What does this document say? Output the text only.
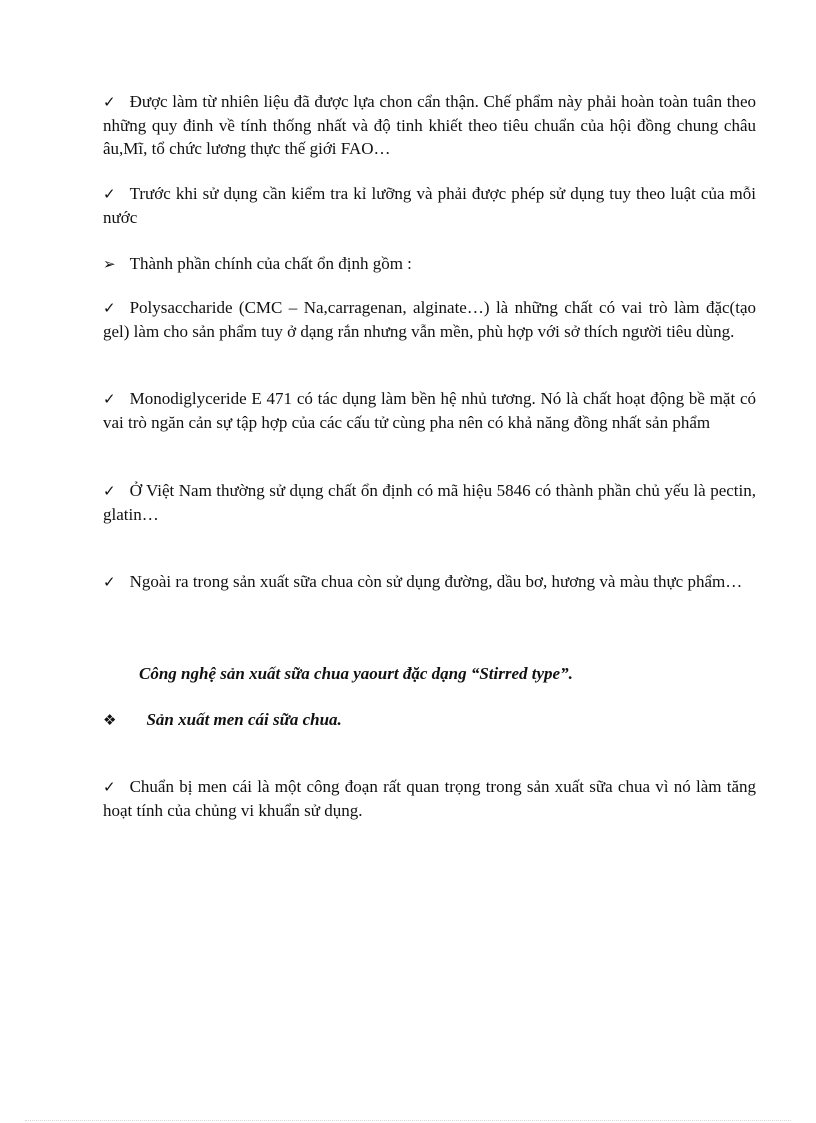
✓ Được làm từ nhiên liệu đã được lựa chon cẩn thận. Chế phẩm này phải hoàn toàn tuân theo những quy đinh về tính thống nhất và độ tinh khiết theo tiêu chuẩn của hội đồng chung châu âu,Mĩ, tổ chức lương thực thế giới FAO…

✓ Trước khi sử dụng cần kiểm tra kỉ lưỡng và phải được phép sử dụng tuy theo luật của mỗi nước

➢ Thành phần chính của chất ổn định gồm :

✓ Polysaccharide (CMC – Na,carragenan, alginate…) là những chất có vai trò làm đặc(tạo gel) làm cho sản phẩm tuy ở dạng rắn nhưng vẫn mền, phù hợp với sở thích người tiêu dùng.

✓ Monodiglyceride E 471 có tác dụng làm bền hệ nhủ tương. Nó là chất hoạt động bề mặt có vai trò ngăn cản sự tập hợp của các cấu tử cùng pha nên có khả năng đồng nhất sản phẩm

✓ Ở Việt Nam thường sử dụng chất ổn định có mã hiệu 5846 có thành phần chủ yếu là pectin, glatin…

✓ Ngoài ra trong sản xuất sữa chua còn sử dụng đường, dầu bơ, hương và màu thực phẩm…

Công nghệ sản xuất sữa chua yaourt đặc dạng “Stirred type”.

❖ Sản xuất men cái sữa chua.

✓ Chuẩn bị men cái là một công đoạn rất quan trọng trong sản xuất sữa chua vì nó làm tăng hoạt tính của chủng vi khuẩn sử dụng.
